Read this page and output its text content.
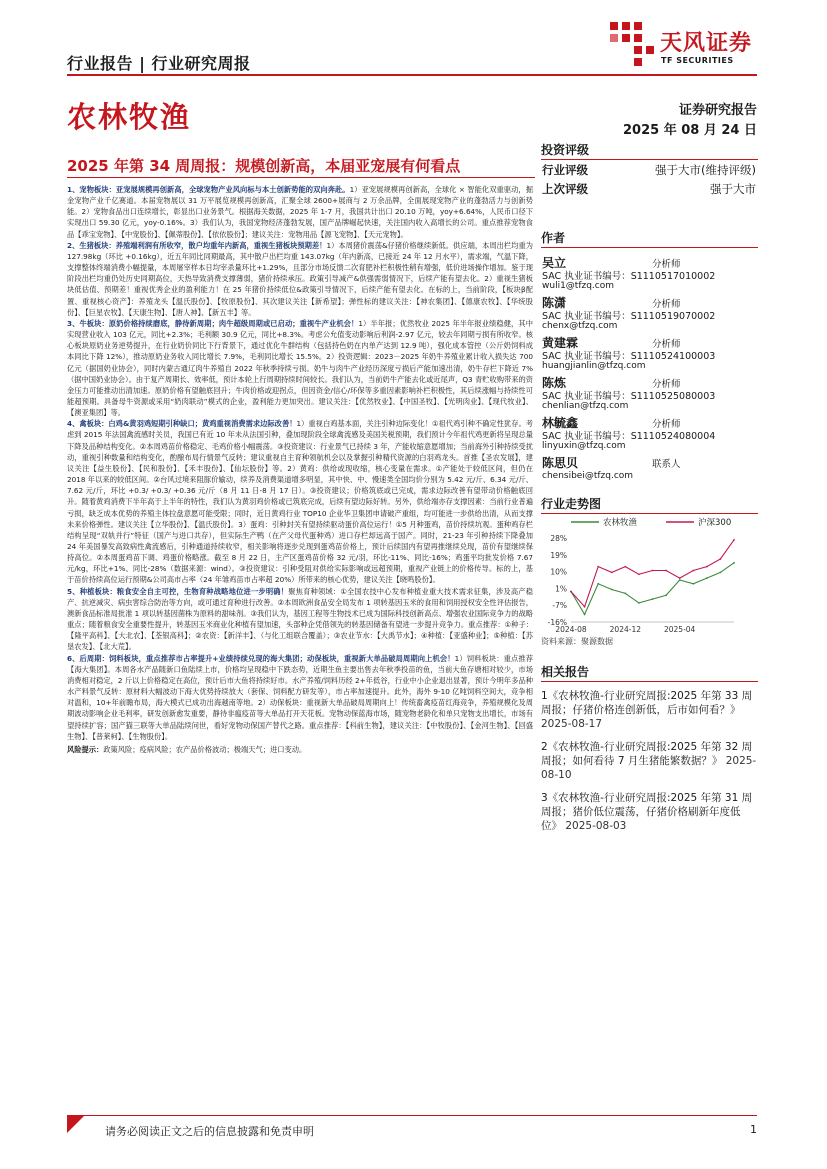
行业报告 | 行业研究周报
天风证券
TF SECURITIES
农林牧渔	证券研究报告
2025 年 08 月 24 日
2025 年第 34 周周报：规模创新高，本届亚宠展有何看点

1、宠物板块：亚宠展规模再创新高，全球宠物产业风向标与本土创新势能的双向奔赴。1）亚宠展规模再创新高，全球化 × 智能化双重驱动，掘金宠物产业千亿赛道。本届宠物展以 31 万平展览规模再创新高，汇聚全球 2600+展商与 2 万余品牌，全面展现宠物产业的蓬勃活力与创新势能。2）宠物食品出口连续增长，彰显出口业务景气。根据海关数据，2025 年 1-7 月，我国共计出口 20.10 万吨，yoy+6.64%，人民币口径下实现出口 59.30 亿元，yoy-0.16%。3）我们认为，我国宠物经济蓬勃发展，国产品牌崛起快速，关注国内收入高增长的公司。重点推荐宠物食品【乖宝宠物】、【中宠股份】、【佩蒂股份】、【依依股份】；建议关注：宠物用品【源飞宠物】、【天元宠物】。

2、生猪板块：养殖端利润有所收窄，散户均重年内新高，重视生猪板块预期差！1）本周猪价震荡&仔猪价格继续新低。供应端，本周出栏均重为 127.98kg（环比 +0.16kg），近五年同比同期最高，其中散户出栏均重 143.07kg（年内新高，已接近 24 年 12 月水平），需求端，气温下降，支撑整体终端消费小幅提量，本周屠宰样本日均宰杀量环比+1.29%，且部分市场反馈二次育肥补栏积极性稍有增强，低价进场操作增加。鉴于现阶段出栏均重仍处历史同期高位，天热导致消费支撑薄弱，猪价持续承压。政策引导减产&供强需弱情况下，后续产能有望去化。2）重视生猪板块低估值、预期差！重视优秀企业的盈利能力！在 25 年猪价持续低位&政策引导情况下，后续产能有望去化。在标的上，当前阶段，【板块β配置、重视核心资产】：养殖龙头【温氏股份】、【牧原股份】、其次建议关注【新希望】；弹性标的建议关注：【神农集团】、【德康农牧】、【华统股份】、【巨星农牧】、【天康生物】、【唐人神】、【新五丰】等。

3、牛板块：原奶价格持续磨底，静待新周期；肉牛超级周期或已启动；重视牛产业机会！1）半年报；优然牧业 2025 年半年报业绩稳健，其中实现营业收入 103 亿元，同比+2.3%；毛利额 30.9 亿元，同比+8.3%。考虑公允值变动影响后利润-2.97 亿元，较去年同期亏损有所收窄。核心板块原奶业务逆势提升，在行业奶价同比下行背景下，通过优化牛群结构（包括持色奶在内单产达到 12.9 吨），强化成本管控（公斤奶饲料成本同比下降 12%），推动原奶业务收入同比增长 7.9%，毛利同比增长 15.5%。2）投资逻辑：2023－2025 年奶牛养殖业累计收入损失达 700 亿元（据国奶业协会），同时内蒙古通辽肉牛养殖自 2022 年秋季持续亏损。奶牛与肉牛产业经历深度亏损后产能加速出清，奶牛存栏下降近 7%（据中国奶业协会）。由于复产周期长、效率低，预计本轮上行周期持续时间较长。我们认为，当前奶牛产能去化或近尾声，Q3 青贮收购带来的资金压力可能推动出清加速。原奶价格有望触底回升；牛肉价格或迎拐点，但因资金/信心/环保等多重因素影响补栏积极性，其后续涨幅与持续性可能超预期。具备母牛资源或采用“奶肉联动”模式的企业，盈利能力更加突出。建议关注：【优然牧业】、【中国圣牧】、【光明肉业】、【现代牧业】、【澳亚集团】等。

4、禽板块：白鸡&黄羽鸡短期引种缺口；黄鸡重视消费需求边际改善！1）重视白鸡基本面，关注引种边际变化！①祖代鸡引种不确定性犹存。考虑到 2015 年法国禽流感时关员，我国已有近 10 年未从法国引种，叠加现阶段全球禽流感及美国关税预期，我们预计今年祖代鸡更新将呈现总量下降及品种结构变化。②本周鸡苗价格稳定、毛鸡价格小幅震荡。③投资建议：行业景气已持续 3 年，产能收缩意愿增加；当前海外引种持续受扰动，重视引种数量和结构变化，酌酿布局行情景气反转；建议重视自主育种领航机会以及掌握引种精代资源的白羽鸡龙头。首推【圣农发展】，建议关注【益生股份】、【民和股份】、【禾丰股份】、【仙坛股份】等。2）黄鸡：供给或现收缩，核心变量在需求。①产能处于较低区间，但仍在 2018 年以来的较低区间。②台风过境来阻豚价输动，续养及消费渠道增多明显，其中快、中、慢速类全国均价分别为 5.42 元/斤、6.34 元/斤、7.62 元/斤，环比 +0.3/ +0.3/ +0.36 元/斤（8 月 11 日-8 月 17 日）。③投资建议；价格筑底或已完成，需求边际改善有望带动价格触底回升。随着黄鸡消费下半年高于上半年的特性，我们认为黄羽鸡价格或已筑底完成，后续有望边际好转。另外，供给端亦存支撑因素：当前行业普遍亏损，缺乏成本优势的养殖主体拉盘意愿可能受限；同时，近日黄鸡行业 TOP10 企业华卫集团申请破产重组，均可能进一步供给出清，从而支撑未来价格弹性。建议关注【立华股份】、【温氏股份】。3）蛋鸡：引种封关有望持续驱动蛋价高位运行！①5 月种蛋鸡，苗价持续坑观。蛋种鸡存栏结构呈现“双轨并行”特征（国产与进口共存），但实际生产鸭（在产父母代蛋种鸡）进口存栏却远高于国产。同时，21-23 年引种持续下降叠加 24 年美国暴发高致病性禽流感后，引种通道持续收窄，相关影响将逐步兑现到蛋鸡苗价格上，预计后续国内有望再推继续兑现，苗价有望继续保持高位。②本周蛋鸡苗下调、鸡蛋价格略涨。截至 8 月 22 日，主产区蛋鸡苗价格 32 元/羽，环比-11%、同比-16%；鸡蛋平均批发价格 7.67 元/kg，环比+1%、同比-28%（数据来源：wind）。③投资建议：引种受阻对供给实际影响或远超预期，重视产业链上的价格传导。标的上，基于苗价持续高位运行预期&公司高市占率（24 年雏鸡苗市占率超 20%）所带来的核心优势，建议关注【晓鸣股份】。

5、种植板块：粮食安全自主可控，生物育种战略地位进一步明确！聚焦育种领域：①全国农技中心发布种植业重大技术需求征集，涉及高产稳产、抗逆减灾、病虫害综合防治等方向，或可通过育种进行改善。②本周欧洲食品安全局发布 1 项转基因玉米的食用和饲用授权安全性评估报告，澳新食品标准局批准 1 项以转基因菌株为原料的甜味剂。③我们认为，基因工程等生物技术已成为国际科技创新高点、增强农业国际竞争力的战略重点；随着粮食安全重要性提升，转基因玉米商业化种植有望加速，头部种企凭借领先的转基因储备有望进一步提升竞争力。重点推荐：①种子：【隆平高科】、【大北农】、【荃银高科】；②农资：【新洋丰】、（与化工组联合覆盖）；③农业节水：【大禹节水】；④种植：【亚盛种业】；⑤种植：【苏垦农发】、【北大荒】。

6、后周期：饲料板块，重点推荐市占率提升+业绩持续兑现的海大集团；动保板块，重视新大单品破局周期向上机会！1）饲料板块：重点推荐【海大集团】。本周各水产品随新口鱼陆续上市，价格均呈现稳中下跌态势，近期生鱼主要出售去年秋季投苗的鱼，当前大鱼存塘相对较少，市场消费相对稳定，2 斤以上价格稳定在高位，预计后市大鱼将持续好市。水产养殖/饲料历经 2+年低谷，行业中小企业退出显著，预计今明年多品种水产料景气反转：原材料大幅波动下海大优势持续放大（套保、饲料配方研发等），市占率加速提升。此外，海外 9-10 亿吨饲料空间大，竞争相对温和，10+年前瞻布局，海大模式已成功出海越南等地。2）动保板块：重视新大单品破局周期向上！传统畜禽疫苗红海竞争，养殖规模化及周期波动影响企业毛利率，研发创新愈发重要，静待非瘟疫苗等大单品打开天花板。宠物动保蓝海市场，随宠物老龄化和单只宠物支出增长，市场有望持续扩容；国产猫三联等大单品陆续问世，看好宠物动保国产替代之路。重点推荐：【科前生物】，建议关注：【中牧股份】、【金河生物】、【回盛生物】、【普莱柯】、【生物股份】。

风险提示：政策风险；疫病风险；农产品价格波动；极端天气；进口变动。

投资评级
行业评级	强于大市(维持评级)
上次评级	强于大市
作者
吴立	分析师
SAC 执业证书编号：S1110517010002
wuli1@tfzq.com
陈潇	分析师
SAC 执业证书编号：S1110519070002
chenx@tfzq.com
黄建霖	分析师
SAC 执业证书编号：S1110524100003
huangjianlin@tfzq.com
陈炼	分析师
SAC 执业证书编号：S1110525080003
chenlian@tfzq.com
林毓鑫	分析师
SAC 执业证书编号：S1110524080004
linyuxin@tfzq.com
陈思贝	联系人
chensibei@tfzq.com
行业走势图
农林牧渔	沪深300
28%
19%
10%
1%
-7%
-16%
2024-08	2024-12	2025-04
资料来源：聚源数据
相关报告
1《农林牧渔-行业研究周报:2025 年第 33 周周报；仔猪价格连创新低，后市如何看？》 2025-08-17
2《农林牧渔-行业研究周报:2025 年第 32 周周报；如何看待 7 月生猪能繁数据？》 2025-08-10
3《农林牧渔-行业研究周报:2025 年第 31 周周报；猪价低位震荡，仔猪价格刷新年度低位》 2025-08-03
请务必阅读正文之后的信息披露和免责申明	1
